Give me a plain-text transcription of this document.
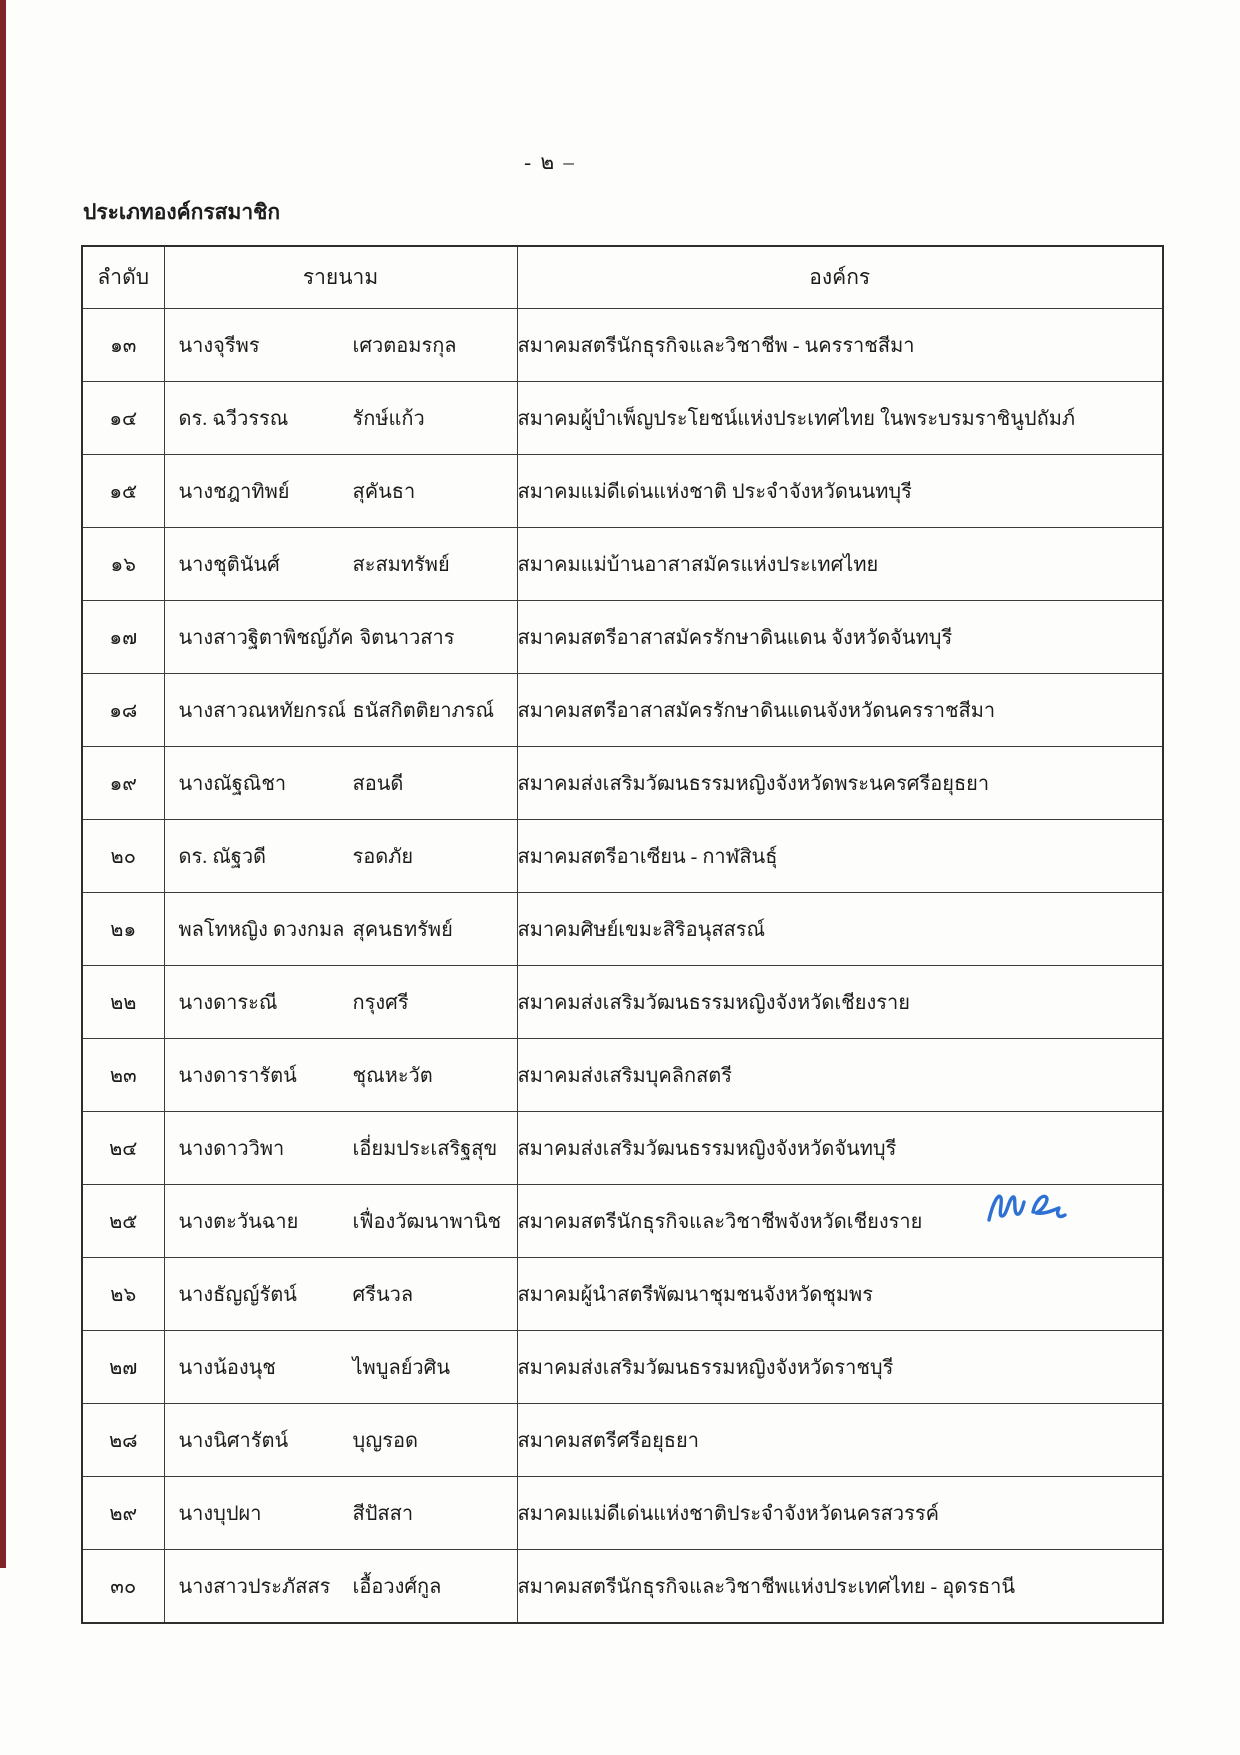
- ๒ –
ประเภทองค์กรสมาชิก
ลำดับ	รายนาม	องค์กร
๑๓	นางจุรีพร เศวตอมรกุล	สมาคมสตรีนักธุรกิจและวิชาชีพ - นครราชสีมา
๑๔	ดร. ฉวีวรรณ รักษ์แก้ว	สมาคมผู้บำเพ็ญประโยชน์แห่งประเทศไทย ในพระบรมราชินูปถัมภ์
๑๕	นางชฎาทิพย์ สุคันธา	สมาคมแม่ดีเด่นแห่งชาติ ประจำจังหวัดนนทบุรี
๑๖	นางชุตินันศ์ สะสมทรัพย์	สมาคมแม่บ้านอาสาสมัครแห่งประเทศไทย
๑๗	นางสาวฐิตาพิชญ์ภัค จิตนาวสาร	สมาคมสตรีอาสาสมัครรักษาดินแดน จังหวัดจันทบุรี
๑๘	นางสาวณหทัยกรณ์ ธนัสกิตติยาภรณ์	สมาคมสตรีอาสาสมัครรักษาดินแดนจังหวัดนครราชสีมา
๑๙	นางณัฐณิชา สอนดี	สมาคมส่งเสริมวัฒนธรรมหญิงจังหวัดพระนครศรีอยุธยา
๒๐	ดร. ณัฐวดี รอดภัย	สมาคมสตรีอาเซียน - กาฬสินธุ์
๒๑	พลโทหญิง ดวงกมล สุคนธทรัพย์	สมาคมศิษย์เขมะสิริอนุสสรณ์
๒๒	นางดาระณี กรุงศรี	สมาคมส่งเสริมวัฒนธรรมหญิงจังหวัดเชียงราย
๒๓	นางดารารัตน์ ชุณหะวัต	สมาคมส่งเสริมบุคลิกสตรี
๒๔	นางดาววิพา เอี่ยมประเสริฐสุข	สมาคมส่งเสริมวัฒนธรรมหญิงจังหวัดจันทบุรี
๒๕	นางตะวันฉาย เฟื่องวัฒนาพานิช	สมาคมสตรีนักธุรกิจและวิชาชีพจังหวัดเชียงราย
๒๖	นางธัญญ์รัตน์ ศรีนวล	สมาคมผู้นำสตรีพัฒนาชุมชนจังหวัดชุมพร
๒๗	นางน้องนุช ไพบูลย์วศิน	สมาคมส่งเสริมวัฒนธรรมหญิงจังหวัดราชบุรี
๒๘	นางนิศารัตน์ บุญรอด	สมาคมสตรีศรีอยุธยา
๒๙	นางบุปผา สีปัสสา	สมาคมแม่ดีเด่นแห่งชาติประจำจังหวัดนครสวรรค์
๓๐	นางสาวประภัสสร เอื้อวงศ์กูล	สมาคมสตรีนักธุรกิจและวิชาชีพแห่งประเทศไทย - อุดรธานี
